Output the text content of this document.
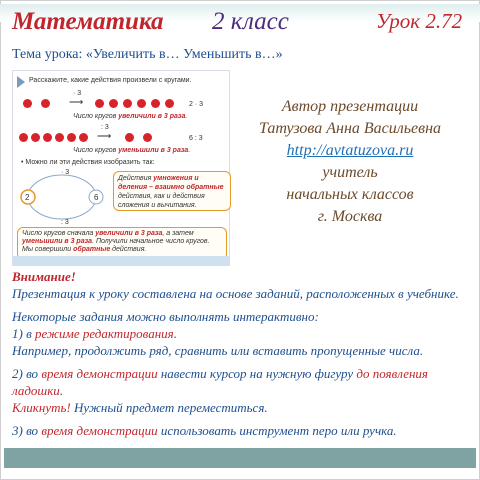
Математика 2 класс	Урок 2.72
Тема урока: «Увеличить в… Уменьшить в…»
Расскажите, какие действия произвели с кругами.
· 3
⟶	2 · 3
Число кругов увеличили в 3 раза.
: 3
⟶	6 : 3
Число кругов уменьшили в 3 раза.
• Можно ли эти действия изобразить так:
2	6
· 3
: 3
Действия умножения и деления – взаимно обратные действия, как и действия сложения и вычитания.
Число кругов сначала увеличили в 3 раза, а затем уменьшили в 3 раза. Получили начальное число кругов. Мы совершили обратные действия.
Автор презентации
Татузова Анна Васильевна
http://avtatuzova.ru
учитель
начальных классов
г. Москва
Внимание!
Презентация к уроку составлена на основе заданий, расположенных в учебнике.
Некоторые задания можно выполнять интерактивно:
1) в режиме редактирования.
Например, продолжить ряд, сравнить или вставить пропущенные числа.
2) во время демонстрации навести курсор на нужную фигуру до появления ладошки.
Кликнуть! Нужный предмет переместиться.
3) во время демонстрации использовать инструмент перо или ручка.
